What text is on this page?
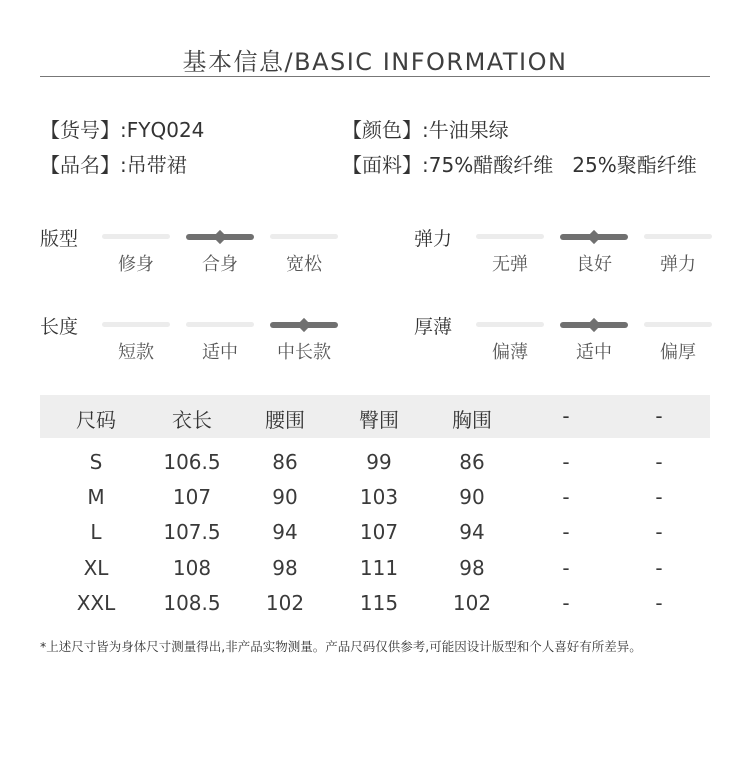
基本信息/BASIC INFORMATION
【货号】:FYQ024	【颜色】:牛油果绿
【品名】:吊带裙	【面料】:75%醋酸纤维   25%聚酯纤维
版型
修身	合身	宽松
弹力
无弹	良好	弹力
长度
短款	适中	中长款
厚薄
偏薄	适中	偏厚
尺码	衣长	腰围	臀围	胸围	-	-
S	106.5	86	99	86	-	-
M	107	90	103	90	-	-
L	107.5	94	107	94	-	-
XL	108	98	111	98	-	-
XXL	108.5	102	115	102	-	-
*上述尺寸皆为身体尺寸测量得出,非产品实物测量。产品尺码仅供参考,可能因设计版型和个人喜好有所差异。
